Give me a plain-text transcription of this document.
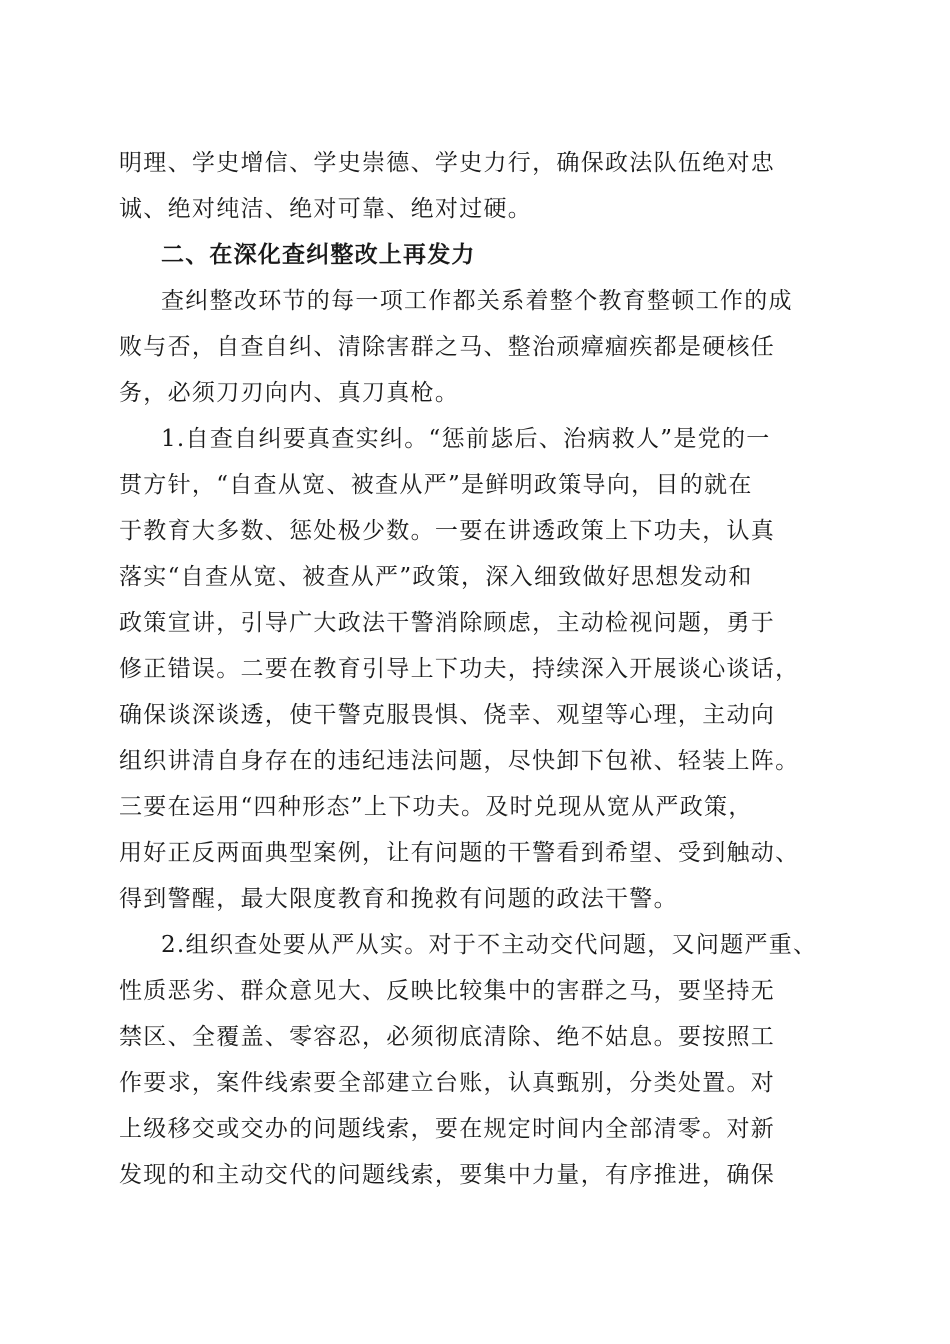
明理、学史增信、学史崇德、学史力行，确保政法队伍绝对忠
诚、绝对纯洁、绝对可靠、绝对过硬。
二、在深化查纠整改上再发力
查纠整改环节的每一项工作都关系着整个教育整顿工作的成
败与否，自查自纠、清除害群之马、整治顽瘴痼疾都是硬核任
务，必须刀刃向内、真刀真枪。
1.自查自纠要真查实纠。“惩前毖后、治病救人”是党的一
贯方针，“自查从宽、被查从严”是鲜明政策导向，目的就在
于教育大多数、惩处极少数。一要在讲透政策上下功夫，认真
落实“自查从宽、被查从严”政策，深入细致做好思想发动和
政策宣讲，引导广大政法干警消除顾虑，主动检视问题，勇于
修正错误。二要在教育引导上下功夫，持续深入开展谈心谈话，
确保谈深谈透，使干警克服畏惧、侥幸、观望等心理，主动向
组织讲清自身存在的违纪违法问题，尽快卸下包袱、轻装上阵。
三要在运用“四种形态”上下功夫。及时兑现从宽从严政策，
用好正反两面典型案例，让有问题的干警看到希望、受到触动、
得到警醒，最大限度教育和挽救有问题的政法干警。
2.组织查处要从严从实。对于不主动交代问题，又问题严重、
性质恶劣、群众意见大、反映比较集中的害群之马，要坚持无
禁区、全覆盖、零容忍，必须彻底清除、绝不姑息。要按照工
作要求，案件线索要全部建立台账，认真甄别，分类处置。对
上级移交或交办的问题线索，要在规定时间内全部清零。对新
发现的和主动交代的问题线索，要集中力量，有序推进，确保
